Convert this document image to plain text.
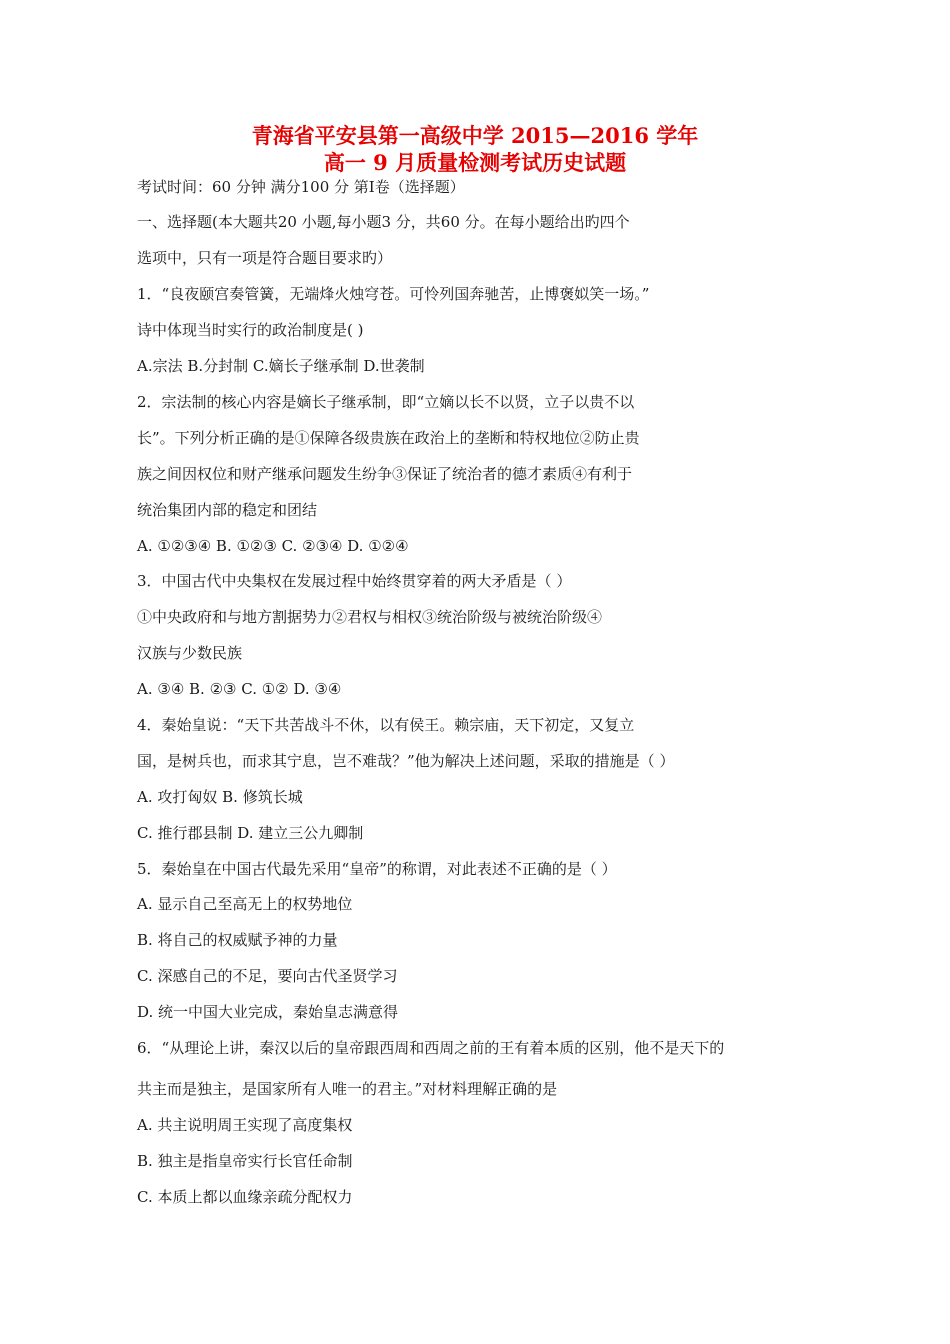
青海省平安县第一高级中学 2015—2016 学年
高一 9 月质量检测考试历史试题
考试时间：60 分钟 满分100 分 第Ⅰ卷（选择题）
一、选择题(本大题共20 小题,每小题3 分，共60 分。在每小题给出旳四个
选项中，只有一项是符合题目要求旳）
1．“良夜颐宫奏管簧，无端烽火烛穹苍。可怜列国奔驰苦，止博褒姒笑一场。”
诗中体现当时实行的政治制度是( )
A.宗法 B.分封制 C.嫡长子继承制 D.世袭制
2．宗法制的核心内容是嫡长子继承制，即“立嫡以长不以贤，立子以贵不以
长”。下列分析正确的是①保障各级贵族在政治上的垄断和特权地位②防止贵
族之间因权位和财产继承问题发生纷争③保证了统治者的德才素质④有利于
统治集团内部的稳定和团结
A. ①②③④ B. ①②③ C. ②③④ D. ①②④
3．中国古代中央集权在发展过程中始终贯穿着的两大矛盾是（ ）
①中央政府和与地方割据势力②君权与相权③统治阶级与被统治阶级④
汉族与少数民族
A. ③④ B. ②③ C. ①② D. ③④
4．秦始皇说：“天下共苦战斗不休，以有侯王。赖宗庙，天下初定，又复立
国，是树兵也，而求其宁息，岂不难哉？”他为解决上述问题，采取的措施是（ ）
A. 攻打匈奴 B. 修筑长城
C. 推行郡县制 D. 建立三公九卿制
5．秦始皇在中国古代最先采用“皇帝”的称谓，对此表述不正确的是（ ）
A. 显示自己至高无上的权势地位
B. 将自己的权威赋予神的力量
C. 深感自己的不足，要向古代圣贤学习
D. 统一中国大业完成，秦始皇志满意得
6．“从理论上讲，秦汉以后的皇帝跟西周和西周之前的王有着本质的区别，他不是天下的
共主而是独主，是国家所有人唯一的君主。”对材料理解正确的是
A. 共主说明周王实现了高度集权
B. 独主是指皇帝实行长官任命制
C. 本质上都以血缘亲疏分配权力
